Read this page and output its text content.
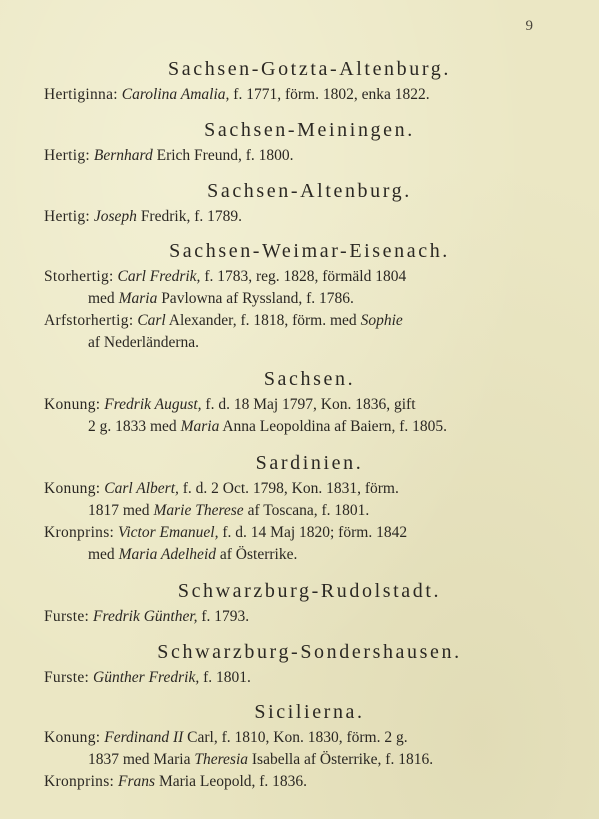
9
Sachsen-Gotzta-Altenburg.
Hertiginna: Carolina Amalia, f. 1771, förm. 1802, enka 1822.
Sachsen-Meiningen.
Hertig: Bernhard Erich Freund, f. 1800.
Sachsen-Altenburg.
Hertig: Joseph Fredrik, f. 1789.
Sachsen-Weimar-Eisenach.
Storhertig: Carl Fredrik, f. 1783, reg. 1828, förmäld 1804
med Maria Pavlowna af Ryssland, f. 1786.
Arfstorhertig: Carl Alexander, f. 1818, förm. med Sophie
af Nederländerna.
Sachsen.
Konung: Fredrik August, f. d. 18 Maj 1797, Kon. 1836, gift
2 g. 1833 med Maria Anna Leopoldina af Baiern, f. 1805.
Sardinien.
Konung: Carl Albert, f. d. 2 Oct. 1798, Kon. 1831, förm.
1817 med Marie Therese af Toscana, f. 1801.
Kronprins: Victor Emanuel, f. d. 14 Maj 1820; förm. 1842
med Maria Adelheid af Österrike.
Schwarzburg-Rudolstadt.
Furste: Fredrik Günther, f. 1793.
Schwarzburg-Sondershausen.
Furste: Günther Fredrik, f. 1801.
Sicilierna.
Konung: Ferdinand II Carl, f. 1810, Kon. 1830, förm. 2 g.
1837 med Maria Theresia Isabella af Österrike, f. 1816.
Kronprins: Frans Maria Leopold, f. 1836.
